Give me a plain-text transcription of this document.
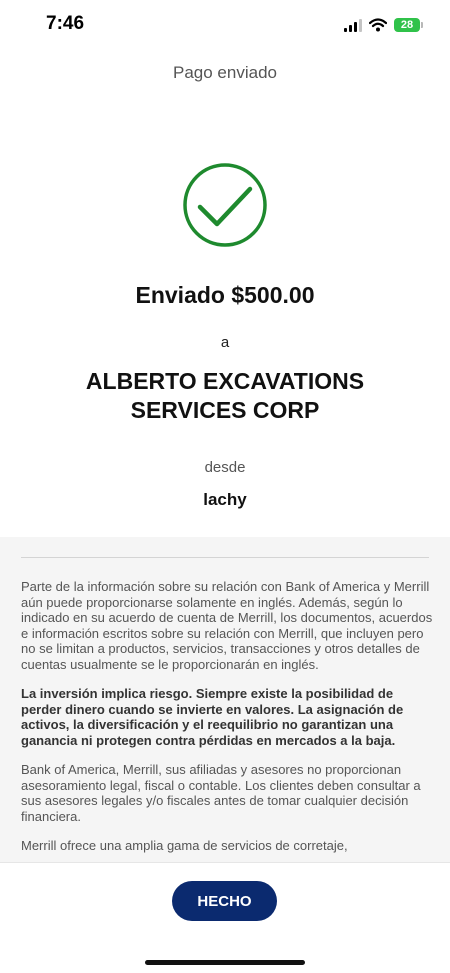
7:46	28
Pago enviado
Enviado $500.00
a
ALBERTO EXCAVATIONS SERVICES CORP
desde
lachy

Parte de la información sobre su relación con Bank of America y Merrill aún puede proporcionarse solamente en inglés. Además, según lo indicado en su acuerdo de cuenta de Merrill, los documentos, acuerdos e información escritos sobre su relación con Merrill, que incluyen pero no se limitan a productos, servicios, transacciones y otros detalles de cuentas usualmente se le proporcionarán en inglés.

La inversión implica riesgo. Siempre existe la posibilidad de perder dinero cuando se invierte en valores. La asignación de activos, la diversificación y el reequilibrio no garantizan una ganancia ni protegen contra pérdidas en mercados a la baja.

Bank of America, Merrill, sus afiliadas y asesores no proporcionan asesoramiento legal, fiscal o contable. Los clientes deben consultar a sus asesores legales y/o fiscales antes de tomar cualquier decisión financiera.

Merrill ofrece una amplia gama de servicios de corretaje,

HECHO
